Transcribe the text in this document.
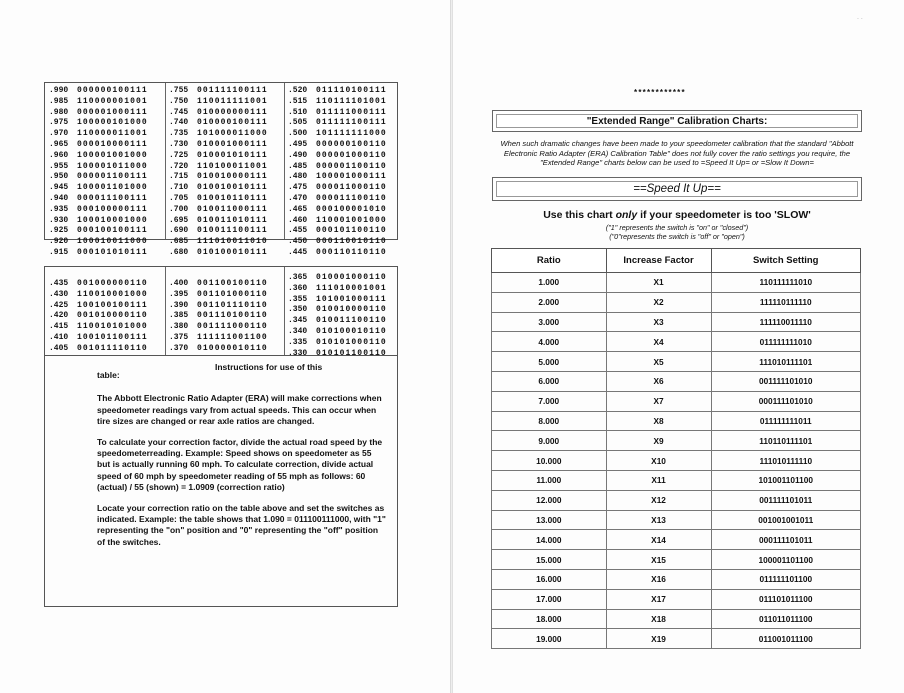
.990 000000100111
.985 110000001001
.980 000001000111
.975 100000101000
.970 110000011001
.965 000010000111
.960 100001001000
.955 100001011000
.950 000001100111
.945 100001101000
.940 000011100111
.935 000100000111
.930 100010001000
.925 000100100111
.920 100010011000
.915 000101010111
.755 001111100111
.750 110011111001
.745 010000000111
.740 010000100111
.735 101000011000
.730 010001000111
.725 010001010111
.720 110100011001
.715 010010000111
.710 010010010111
.705 010010110111
.700 010011000111
.695 010011010111
.690 010011100111
.685 111010011010
.680 010100010111
.520 011110100111
.515 110111101001
.510 011111000111
.505 011111100111
.500 101111111000
.495 000000100110
.490 000001000110
.485 000001100110
.480 100001000111
.475 000011000110
.470 000011100110
.465 000100001010
.460 110001001000
.455 000101100110
.450 000110010110
.445 000110110110
.435 001000000110
.430 110010001000
.425 100100100111
.420 001010000110
.415 110010101000
.410 100101100111
.405 001011110110
.400 001100100110
.395 001101000110
.390 001101110110
.385 001110100110
.380 001111000110
.375 111111001100
.370 010000010110
.365 010001000110
.360 111010001001
.355 101001000111
.350 010010000110
.345 010011100110
.340 010100010110
.335 010101000110
.330 010101100110
Instructions for use of this

table:

The Abbott Electronic Ratio Adapter (ERA) will make corrections when speedometer readings vary from actual speeds. This can occur when tire sizes are changed or rear axle ratios are changed.

To calculate your correction factor, divide the actual road speed by the speedometerreading. Example: Speed shows on speedometer as 55 but is actually running 60 mph. To calculate correction, divide actual speed of 60 mph by speedometer reading of 55 mph as follows: 60 (actual) / 55 (shown) = 1.0909 (correction ratio)

Locate your correction ratio on the table above and set the switches as indicated. Example: the table shows that 1.090 = 011100111000, with "1" representing the "on" position and "0" representing the "off" position of the switches.

************
"Extended Range" Calibration Charts:
When such dramatic changes have been made to your speedometer calibration that the standard "Abbott Electronic Ratio Adapter (ERA) Calibration Table" does not fully cover the ratio settings you require, the "Extended Range" charts below can be used to =Speed It Up= or =Slow It Down=
==Speed It Up==
Use this chart only if your speedometer is too 'SLOW'
("1" represents the switch is "on" or "closed")
("0"represents the switch is "off" or "open")
Ratio	Increase Factor	Switch Setting
1.000	X1	110111111010
2.000	X2	111110111110
3.000	X3	111110011110
4.000	X4	011111111010
5.000	X5	111010111101
6.000	X6	001111101010
7.000	X7	000111101010
8.000	X8	011111111011
9.000	X9	110110111101
10.000	X10	111010111110
11.000	X11	101001101100
12.000	X12	001111101011
13.000	X13	001001001011
14.000	X14	000111101011
15.000	X15	100001101100
16.000	X16	011111101100
17.000	X17	011101011100
18.000	X18	011011011100
19.000	X19	011001011100
. .
